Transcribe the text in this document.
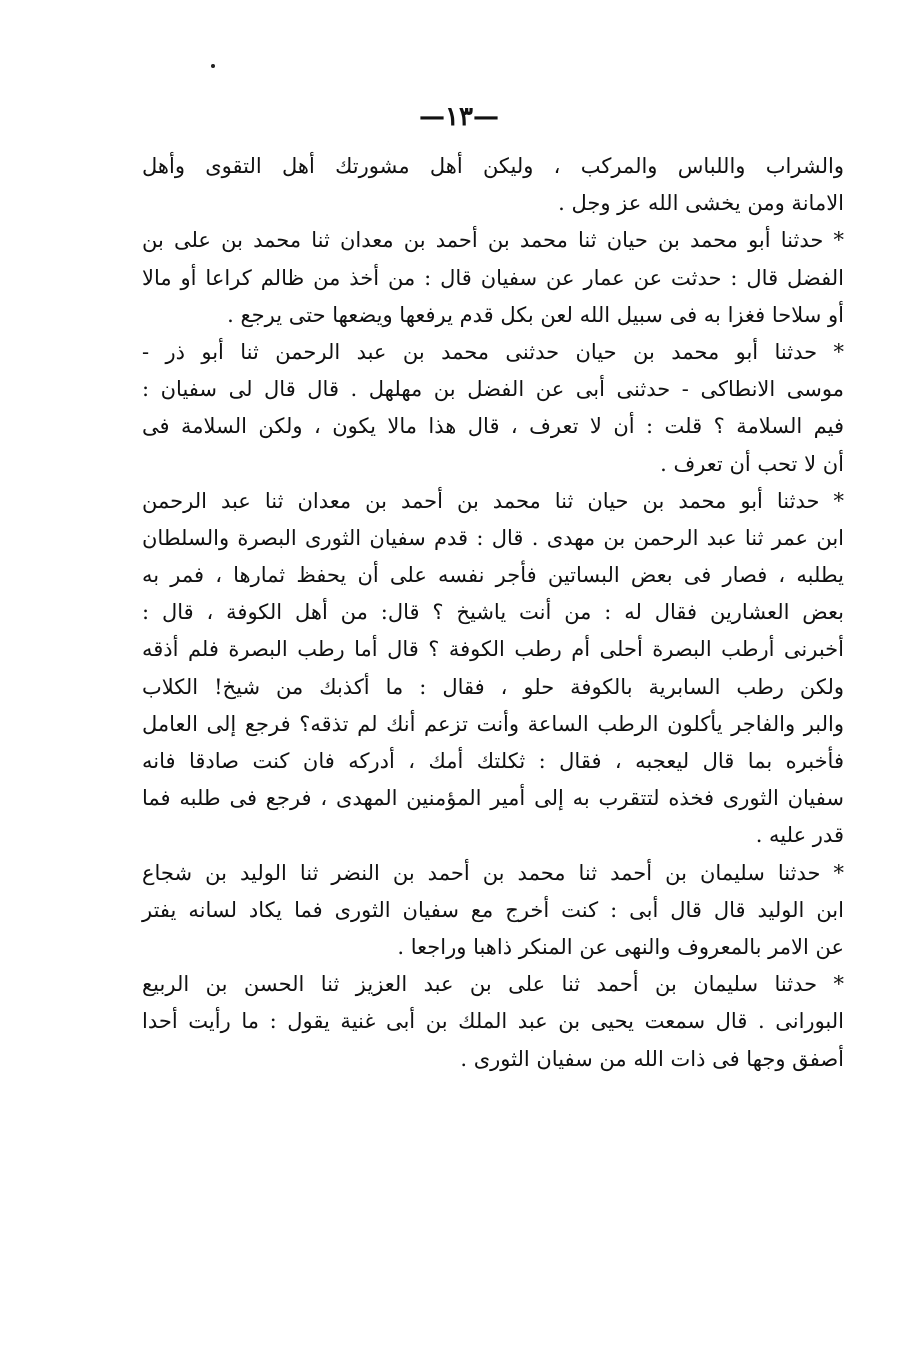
—١٣—
والشراب واللباس والمركب ، وليكن أهل مشورتك أهل التقوى وأهل
الامانة ومن يخشى الله عز وجل .
* حدثنا أبو محمد بن حيان ثنا محمد بن أحمد بن معدان ثنا محمد بن على بن
الفضل قال : حدثت عن عمار عن سفيان قال : من أخذ من ظالم كراعا أو مالا
أو سلاحا فغزا به فى سبيل الله لعن بكل قدم يرفعها ويضعها حتى يرجع .
* حدثنا أبو محمد بن حيان حدثنى محمد بن عبد الرحمن ثنا أبو ذر -
موسى الانطاكى - حدثنى أبى عن الفضل بن مهلهل . قال قال لى سفيان :
فيم السلامة ؟ قلت : أن لا تعرف ، قال هذا مالا يكون ، ولكن السلامة فى
أن لا تحب أن تعرف .
* حدثنا أبو محمد بن حيان ثنا محمد بن أحمد بن معدان ثنا عبد الرحمن
ابن عمر ثنا عبد الرحمن بن مهدى . قال : قدم سفيان الثورى البصرة والسلطان
يطلبه ، فصار فى بعض البساتين فأجر نفسه على أن يحفظ ثمارها ، فمر به
بعض العشارين فقال له : من أنت ياشيخ ؟ قال: من أهل الكوفة ، قال :
أخبرنى أرطب البصرة أحلى أم رطب الكوفة ؟ قال أما رطب البصرة فلم أذقه
ولكن رطب السابرية بالكوفة حلو ، فقال : ما أكذبك من شيخ! الكلاب
والبر والفاجر يأكلون الرطب الساعة وأنت تزعم أنك لم تذقه؟ فرجع إلى العامل
فأخبره بما قال ليعجبه ، فقال : ثكلتك أمك ، أدركه فان كنت صادقا فانه
سفيان الثورى فخذه لتتقرب به إلى أمير المؤمنين المهدى ، فرجع فى طلبه فما
قدر عليه .
* حدثنا سليمان بن أحمد ثنا محمد بن أحمد بن النضر ثنا الوليد بن شجاع
ابن الوليد قال قال أبى : كنت أخرج مع سفيان الثورى فما يكاد لسانه يفتر
عن الامر بالمعروف والنهى عن المنكر ذاهبا وراجعا .
* حدثنا سليمان بن أحمد ثنا على بن عبد العزيز ثنا الحسن بن الربيع
البورانى . قال سمعت يحيى بن عبد الملك بن أبى غنية يقول : ما رأيت أحدا
أصفق وجها فى ذات الله من سفيان الثورى .
